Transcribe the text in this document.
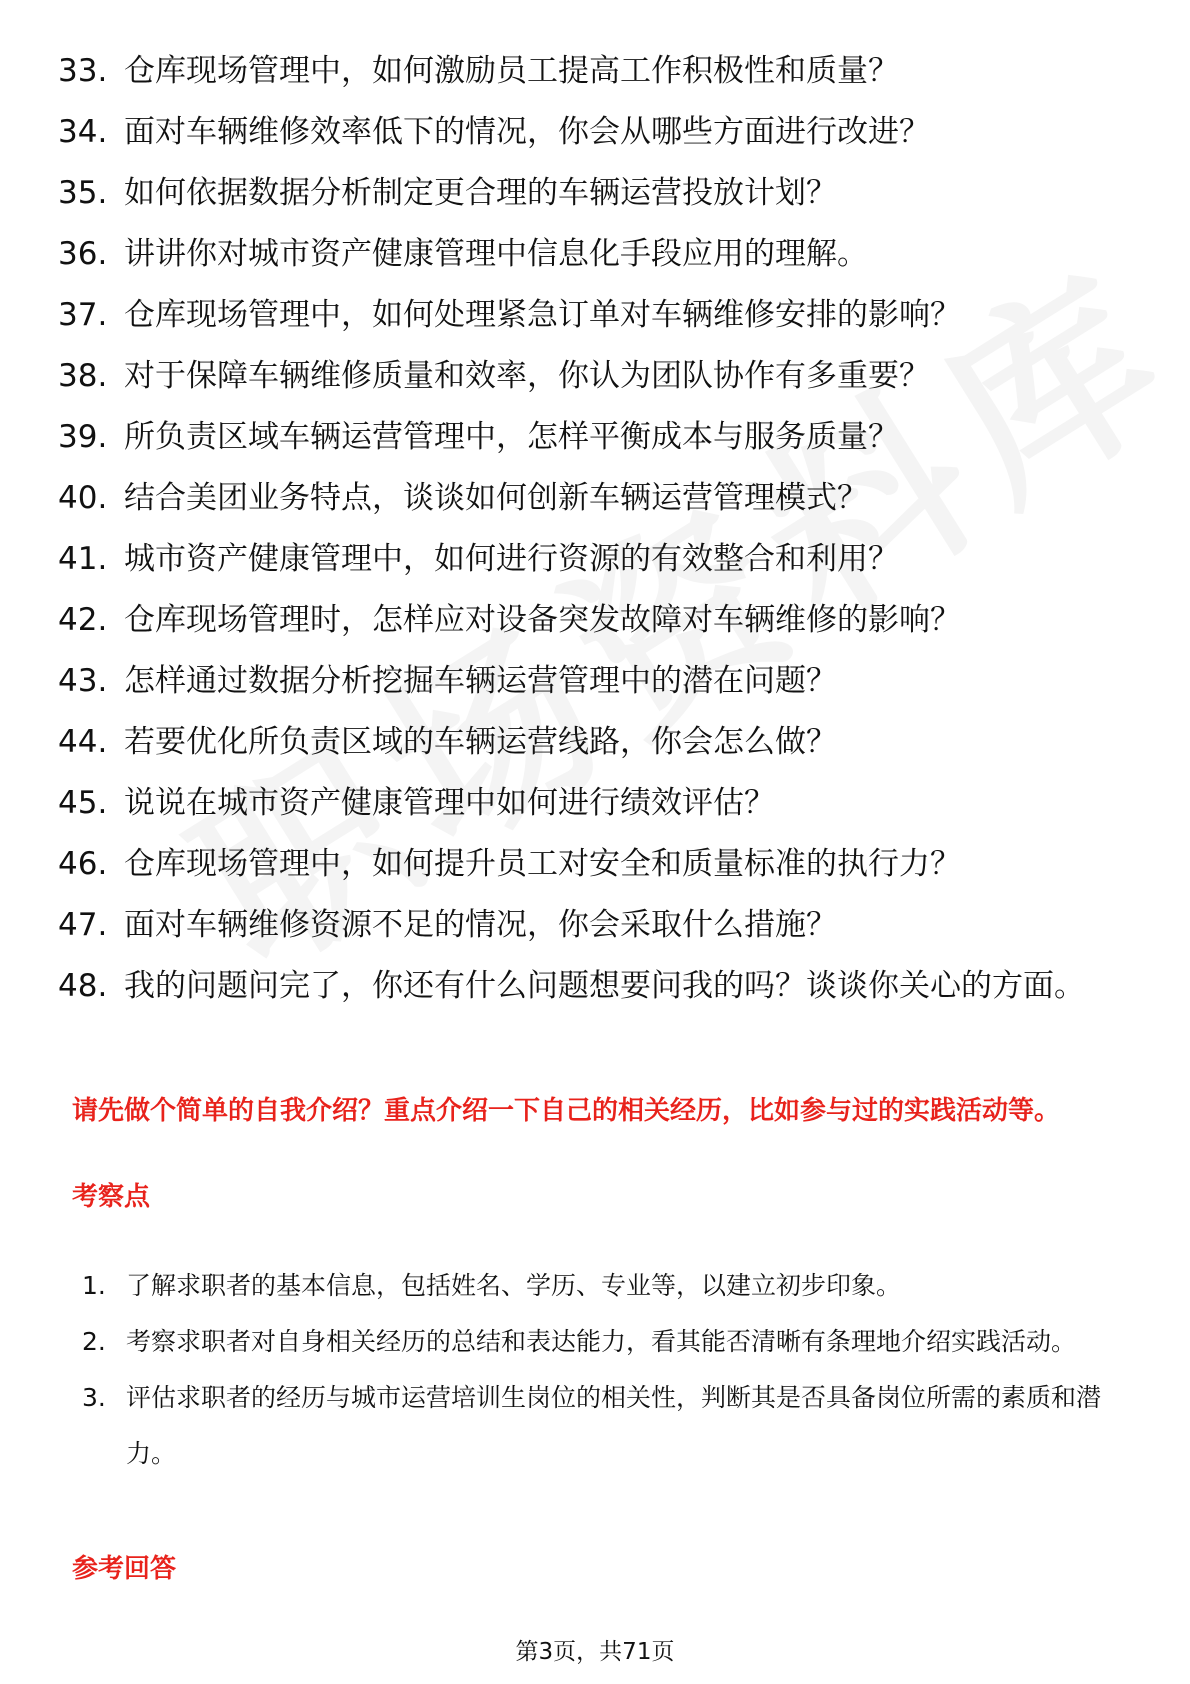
33. 仓库现场管理中，如何激励员工提高工作积极性和质量？
34. 面对车辆维修效率低下的情况，你会从哪些方面进行改进？
35. 如何依据数据分析制定更合理的车辆运营投放计划？
36. 讲讲你对城市资产健康管理中信息化手段应用的理解。
37. 仓库现场管理中，如何处理紧急订单对车辆维修安排的影响？
38. 对于保障车辆维修质量和效率，你认为团队协作有多重要？
39. 所负责区域车辆运营管理中，怎样平衡成本与服务质量？
40. 结合美团业务特点，谈谈如何创新车辆运营管理模式？
41. 城市资产健康管理中，如何进行资源的有效整合和利用？
42. 仓库现场管理时，怎样应对设备突发故障对车辆维修的影响？
43. 怎样通过数据分析挖掘车辆运营管理中的潜在问题？
44. 若要优化所负责区域的车辆运营线路，你会怎么做？
45. 说说在城市资产健康管理中如何进行绩效评估？
46. 仓库现场管理中，如何提升员工对安全和质量标准的执行力？
47. 面对车辆维修资源不足的情况，你会采取什么措施？
48. 我的问题问完了，你还有什么问题想要问我的吗？谈谈你关心的方面。
请先做个简单的自我介绍？重点介绍一下自己的相关经历，比如参与过的实践活动等。
考察点
1. 了解求职者的基本信息，包括姓名、学历、专业等，以建立初步印象。
2. 考察求职者对自身相关经历的总结和表达能力，看其能否清晰有条理地介绍实践活动。
3. 评估求职者的经历与城市运营培训生岗位的相关性，判断其是否具备岗位所需的素质和潜力。
参考回答
第3页，共71页
